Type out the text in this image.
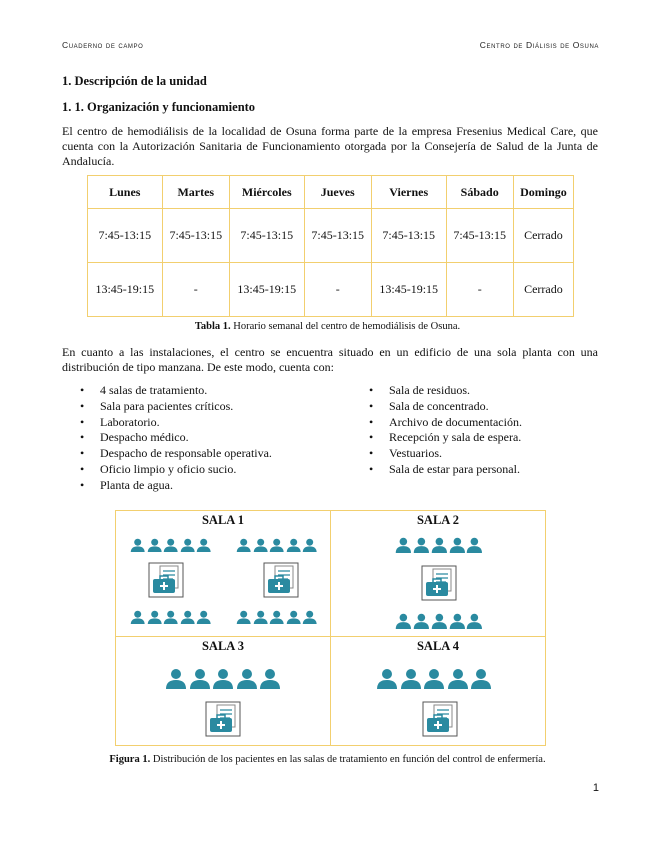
Cuaderno de campo	Centro de Diálisis de Osuna
1. Descripción de la unidad
1. 1. Organización y funcionamiento
El centro de hemodiálisis de la localidad de Osuna forma parte de la empresa Fresenius Medical Care, que cuenta con la Autorización Sanitaria de Funcionamiento otorgada por la Consejería de Salud de la Junta de Andalucía.
Lunes	Martes	Miércoles	Jueves	Viernes	Sábado	Domingo
7:45-13:15	7:45-13:15	7:45-13:15	7:45-13:15	7:45-13:15	7:45-13:15	Cerrado
13:45-19:15	-	13:45-19:15	-	13:45-19:15	-	Cerrado
Tabla 1. Horario semanal del centro de hemodiálisis de Osuna.
En cuanto a las instalaciones, el centro se encuentra situado en un edificio de una sola planta con una distribución de tipo manzana. De este modo, cuenta con:
• 4 salas de tratamiento.
• Sala para pacientes críticos.
• Laboratorio.
• Despacho médico.
• Despacho de responsable operativa.
• Oficio limpio y oficio sucio.
• Planta de agua.
• Sala de residuos.
• Sala de concentrado.
• Archivo de documentación.
• Recepción y sala de espera.
• Vestuarios.
• Sala de estar para personal.
SALA 1	SALA 2
SALA 3	SALA 4
Figura 1. Distribución de los pacientes en las salas de tratamiento en función del control de enfermería.
1
